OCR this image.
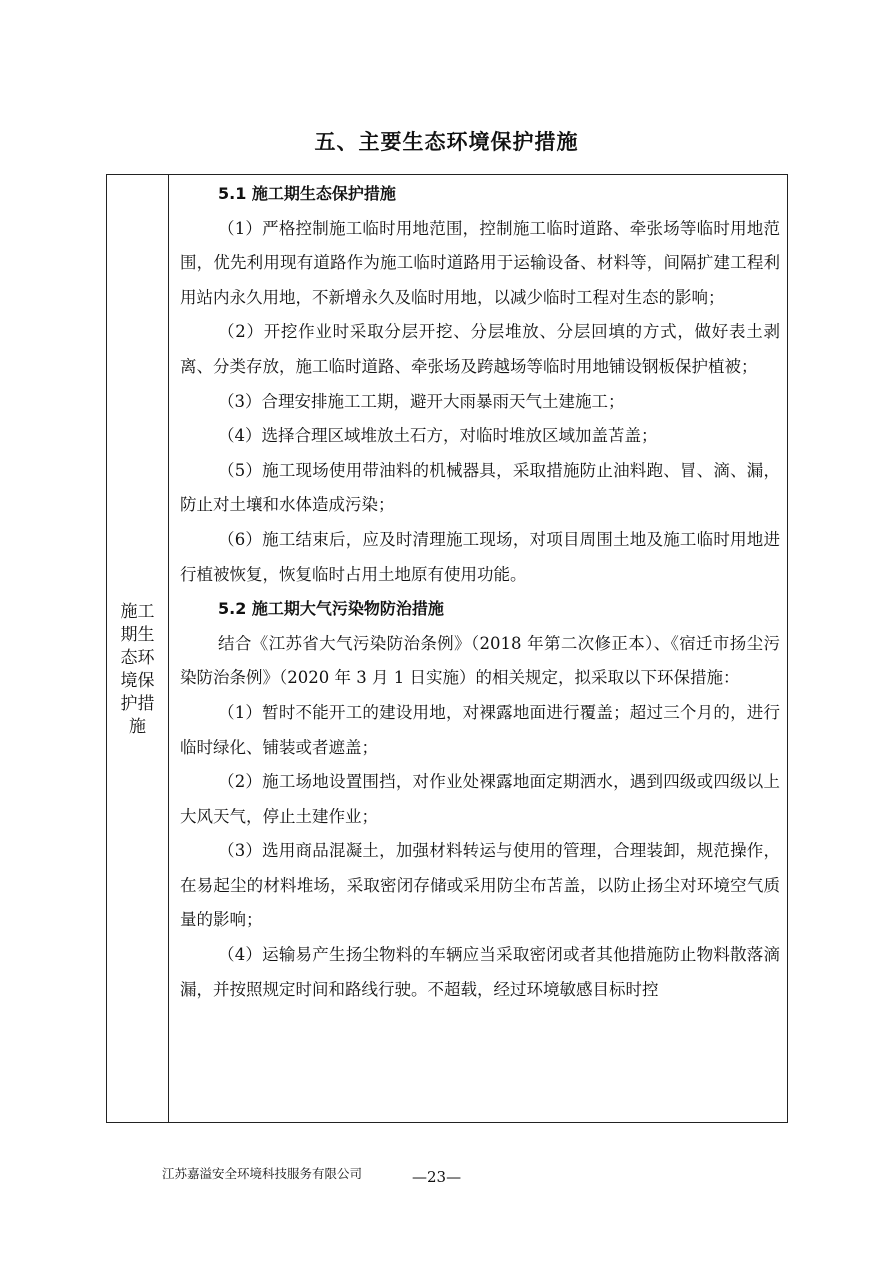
五、主要生态环境保护措施
施工期生态环境保护措施

5.1 施工期生态保护措施

（1）严格控制施工临时用地范围，控制施工临时道路、牵张场等临时用地范围，优先利用现有道路作为施工临时道路用于运输设备、材料等，间隔扩建工程利用站内永久用地，不新增永久及临时用地，以减少临时工程对生态的影响；

（2）开挖作业时采取分层开挖、分层堆放、分层回填的方式，做好表土剥离、分类存放，施工临时道路、牵张场及跨越场等临时用地铺设钢板保护植被；

（3）合理安排施工工期，避开大雨暴雨天气土建施工；

（4）选择合理区域堆放土石方，对临时堆放区域加盖苫盖；

（5）施工现场使用带油料的机械器具，采取措施防止油料跑、冒、滴、漏，防止对土壤和水体造成污染；

（6）施工结束后，应及时清理施工现场，对项目周围土地及施工临时用地进行植被恢复，恢复临时占用土地原有使用功能。

5.2 施工期大气污染物防治措施

结合《江苏省大气污染防治条例》（2018 年第二次修正本）、《宿迁市扬尘污染防治条例》（2020 年 3 月 1 日实施）的相关规定，拟采取以下环保措施：

（1）暂时不能开工的建设用地，对裸露地面进行覆盖；超过三个月的，进行临时绿化、铺装或者遮盖；

（2）施工场地设置围挡，对作业处裸露地面定期洒水，遇到四级或四级以上大风天气，停止土建作业；

（3）选用商品混凝土，加强材料转运与使用的管理，合理装卸，规范操作，在易起尘的材料堆场，采取密闭存储或采用防尘布苫盖，以防止扬尘对环境空气质量的影响；

（4）运输易产生扬尘物料的车辆应当采取密闭或者其他措施防止物料散落滴漏，并按照规定时间和路线行驶。不超载，经过环境敏感目标时控

江苏嘉溢安全环境科技服务有限公司	—23—
